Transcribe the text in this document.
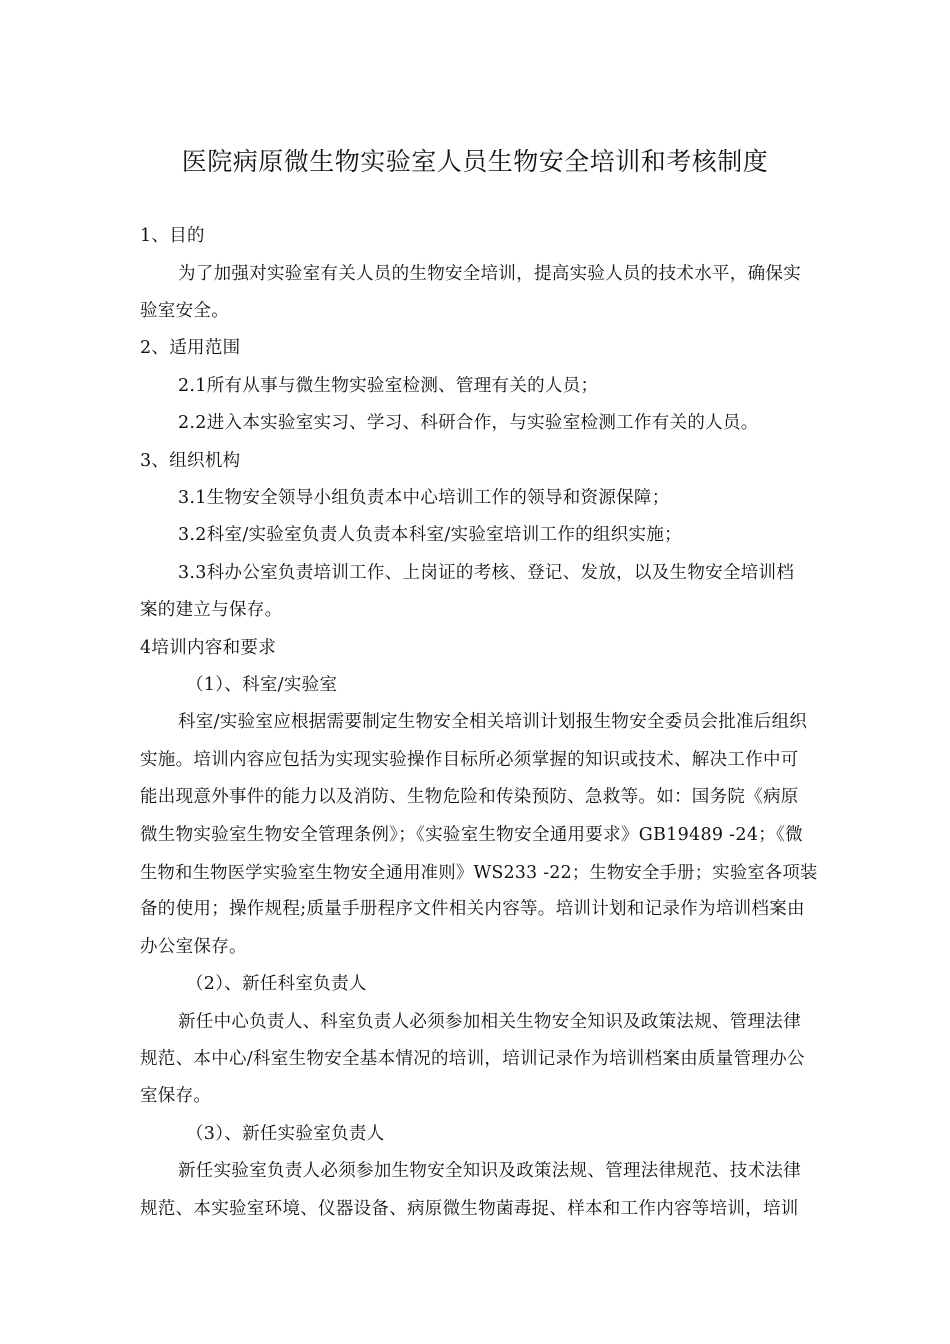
医院病原微生物实验室人员生物安全培训和考核制度
1、目的
为了加强对实验室有关人员的生物安全培训，提高实验人员的技术水平，确保实
验室安全。
2、适用范围
2.1所有从事与微生物实验室检测、管理有关的人员；
2.2进入本实验室实习、学习、科研合作，与实验室检测工作有关的人员。
3、组织机构
3.1生物安全领导小组负责本中心培训工作的领导和资源保障；
3.2科室/实验室负责人负责本科室/实验室培训工作的组织实施；
3.3科办公室负责培训工作、上岗证的考核、登记、发放，以及生物安全培训档
案的建立与保存。
4培训内容和要求
（1）、科室/实验室
科室/实验室应根据需要制定生物安全相关培训计划报生物安全委员会批准后组织
实施。培训内容应包括为实现实验操作目标所必须掌握的知识或技术、解决工作中可
能出现意外事件的能力以及消防、生物危险和传染预防、急救等。如：国务院《病原
微生物实验室生物安全管理条例》；《实验室生物安全通用要求》GB19489 -24；《微
生物和生物医学实验室生物安全通用准则》WS233 -22；生物安全手册；实验室各项装
备的使用；操作规程;质量手册程序文件相关内容等。培训计划和记录作为培训档案由
办公室保存。
（2）、新任科室负责人
新任中心负责人、科室负责人必须参加相关生物安全知识及政策法规、管理法律
规范、本中心/科室生物安全基本情况的培训，培训记录作为培训档案由质量管理办公
室保存。
（3）、新任实验室负责人
新任实验室负责人必须参加生物安全知识及政策法规、管理法律规范、技术法律
规范、本实验室环境、仪器设备、病原微生物菌毒捉、样本和工作内容等培训，培训
